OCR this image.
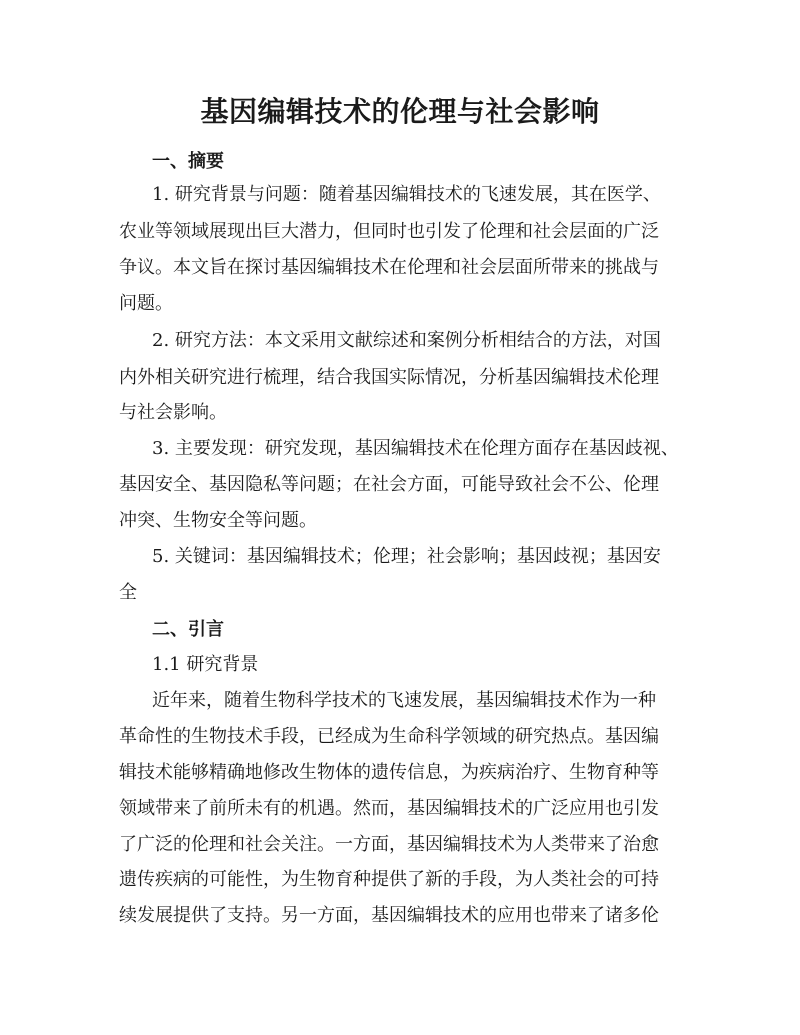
基因编辑技术的伦理与社会影响
一、摘要
1. 研究背景与问题：随着基因编辑技术的飞速发展，其在医学、
农业等领域展现出巨大潜力，但同时也引发了伦理和社会层面的广泛
争议。本文旨在探讨基因编辑技术在伦理和社会层面所带来的挑战与
问题。
2. 研究方法：本文采用文献综述和案例分析相结合的方法，对国
内外相关研究进行梳理，结合我国实际情况，分析基因编辑技术伦理
与社会影响。
3. 主要发现：研究发现，基因编辑技术在伦理方面存在基因歧视、
基因安全、基因隐私等问题；在社会方面，可能导致社会不公、伦理
冲突、生物安全等问题。
5. 关键词：基因编辑技术；伦理；社会影响；基因歧视；基因安
全
二、引言
1.1 研究背景
近年来，随着生物科学技术的飞速发展，基因编辑技术作为一种
革命性的生物技术手段，已经成为生命科学领域的研究热点。基因编
辑技术能够精确地修改生物体的遗传信息，为疾病治疗、生物育种等
领域带来了前所未有的机遇。然而，基因编辑技术的广泛应用也引发
了广泛的伦理和社会关注。一方面，基因编辑技术为人类带来了治愈
遗传疾病的可能性，为生物育种提供了新的手段，为人类社会的可持
续发展提供了支持。另一方面，基因编辑技术的应用也带来了诸多伦
